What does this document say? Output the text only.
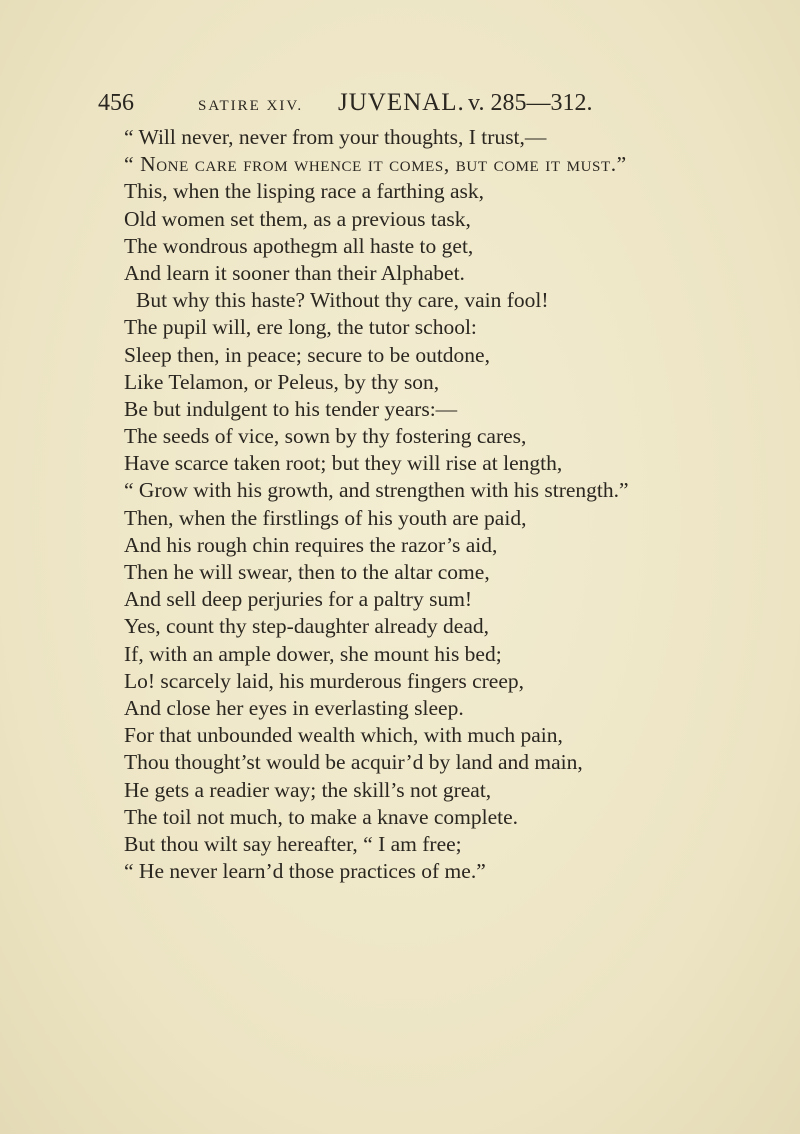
456	SATIRE XIV. JUVENAL. v. 285—312.
“ Will never, never from your thoughts, I trust,—
“ None care from whence it comes, but come it must.”
This, when the lisping race a farthing ask,
Old women set them, as a previous task,
The wondrous apothegm all haste to get,
And learn it sooner than their Alphabet.
But why this haste? Without thy care, vain fool!
The pupil will, ere long, the tutor school:
Sleep then, in peace; secure to be outdone,
Like Telamon, or Peleus, by thy son,
Be but indulgent to his tender years:—
The seeds of vice, sown by thy fostering cares,
Have scarce taken root; but they will rise at length,
“ Grow with his growth, and strengthen with his strength.”
Then, when the firstlings of his youth are paid,
And his rough chin requires the razor’s aid,
Then he will swear, then to the altar come,
And sell deep perjuries for a paltry sum!
Yes, count thy step-daughter already dead,
If, with an ample dower, she mount his bed;
Lo! scarcely laid, his murderous fingers creep,
And close her eyes in everlasting sleep.
For that unbounded wealth which, with much pain,
Thou thought’st would be acquir’d by land and main,
He gets a readier way; the skill’s not great,
The toil not much, to make a knave complete.
But thou wilt say hereafter, “ I am free;
“ He never learn’d those practices of me.”
